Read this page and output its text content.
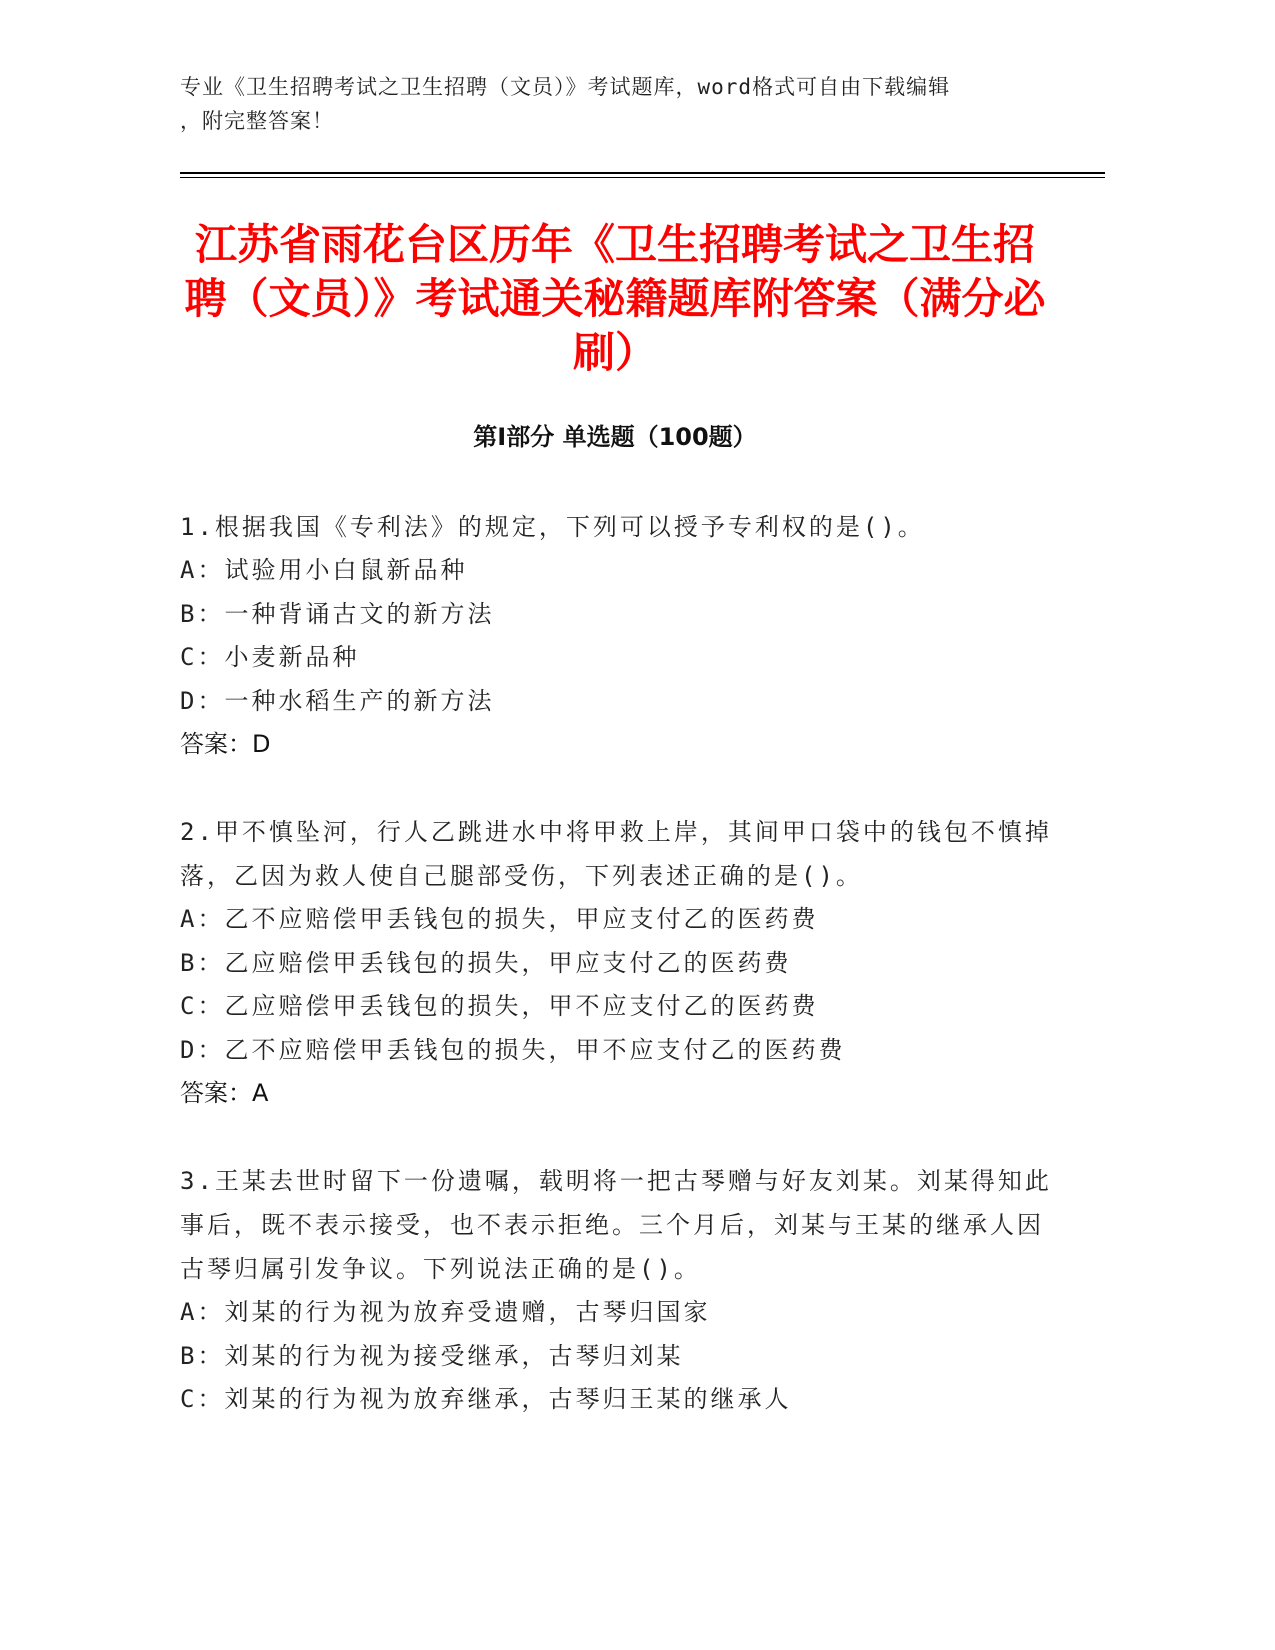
专业《卫生招聘考试之卫生招聘（文员）》考试题库，word格式可自由下载编辑
，附完整答案！
江苏省雨花台区历年《卫生招聘考试之卫生招聘（文员）》考试通关秘籍题库附答案（满分必刷）
第Ⅰ部分 单选题（100题）
1.根据我国《专利法》的规定，下列可以授予专利权的是()。
A：试验用小白鼠新品种
B：一种背诵古文的新方法
C：小麦新品种
D：一种水稻生产的新方法
答案：D
2.甲不慎坠河，行人乙跳进水中将甲救上岸，其间甲口袋中的钱包不慎掉落，乙因为救人使自己腿部受伤，下列表述正确的是()。
A：乙不应赔偿甲丢钱包的损失，甲应支付乙的医药费
B：乙应赔偿甲丢钱包的损失，甲应支付乙的医药费
C：乙应赔偿甲丢钱包的损失，甲不应支付乙的医药费
D：乙不应赔偿甲丢钱包的损失，甲不应支付乙的医药费
答案：A
3.王某去世时留下一份遗嘱，载明将一把古琴赠与好友刘某。刘某得知此事后，既不表示接受，也不表示拒绝。三个月后，刘某与王某的继承人因古琴归属引发争议。下列说法正确的是()。
A：刘某的行为视为放弃受遗赠，古琴归国家
B：刘某的行为视为接受继承，古琴归刘某
C：刘某的行为视为放弃继承，古琴归王某的继承人
